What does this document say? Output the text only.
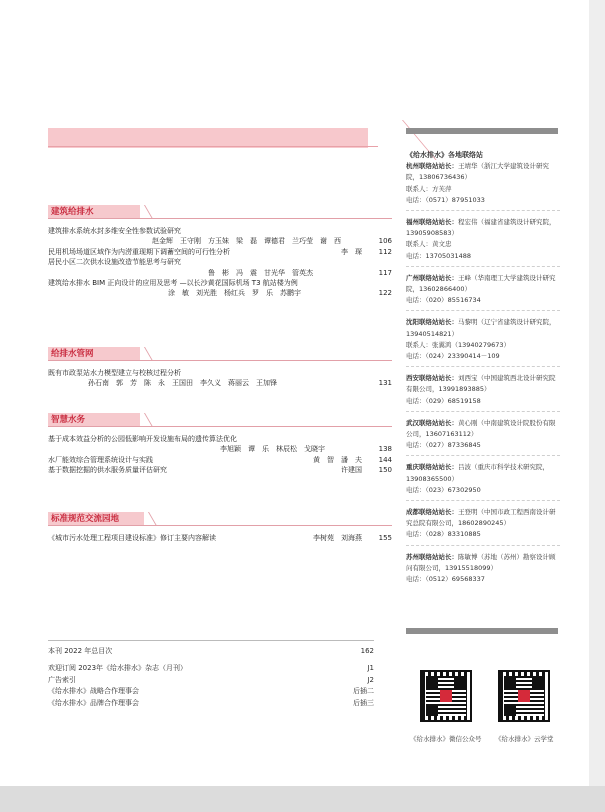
建筑给排水
建筑排水系统水封多维安全性参数试验研究
赵金辉　王守刚　方玉妹　梁　磊　谭德君　兰巧莹　谢　西	106
民用机场场道区域作为内涝重现期下调蓄空间的可行性分析	李　琛 112
居民小区二次供水设施改造节能思考与研究
鲁　彬　冯　震　甘光华　管英杰	117
建筑给水排水 BIM 正向设计的应用及思考 —以长沙黄花国际机场 T3 航站楼为例
涂　敏　刘光胜　杨红兵　罗　乐　苏鹏宇	122
给排水管网
既有市政泵站水力模型建立与校核过程分析
孙石南　郭　芳　陈　永　王国田　李久义　蒋丽云　王加锋	131
智慧水务
基于成本效益分析的公园低影响开发设施布局的遗传算法优化
李旭颖　谭　乐　林辰松　戈晓宇	138
水厂能效综合管理系统设计与实践	黄　智　潘　夫 144
基于数据挖掘的供水服务质量评估研究	许建国 150
标准规范交流园地
《城市污水处理工程项目建设标准》修订主要内容解读	李树苑　刘海燕 155
本刊 2022 年总目次	162
欢迎订阅 2023年《给水排水》杂志（月刊）	J1
广告索引	J2
《给水排水》战略合作理事会	后插二
《给水排水》品牌合作理事会	后插三
《给水排水》各地联络站
杭州联络站站长：王靖华（浙江大学建筑设计研究院，13806736436）
联系人：方芙萍
电话：（0571）87951033
福州联络站站长：程宏伟（福建省建筑设计研究院，13905908583）
联系人：黄文忠
电话：13705031488
广州联络站站长：王峰（华南理工大学建筑设计研究院，13602866400）
电话：（020）85516734
沈阳联络站站长：马黎明（辽宁省建筑设计研究院，13940514821）
联系人：张翼鸿（13940279673）
电话：（024）23390414－109
西安联络站站长：刘西宝（中国建筑西北设计研究院有限公司，13991893885）
电话：（029）68519158
武汉联络站站长：黄心刚（中南建筑设计院股份有限公司，13607163112）
电话：（027）87336845
重庆联络站站长：吕波（重庆市科学技术研究院，13908365500）
电话：（023）67302950
成都联络站站长：王登明（中国市政工程西南设计研究总院有限公司，18602890245）
电话：（028）83310885
苏州联络站站长：陈敏博（苏地（苏州）勘察设计顾问有限公司，13915518099）
电话：（0512）69568337
《给水排水》微信公众号 《给水排水》云学堂
